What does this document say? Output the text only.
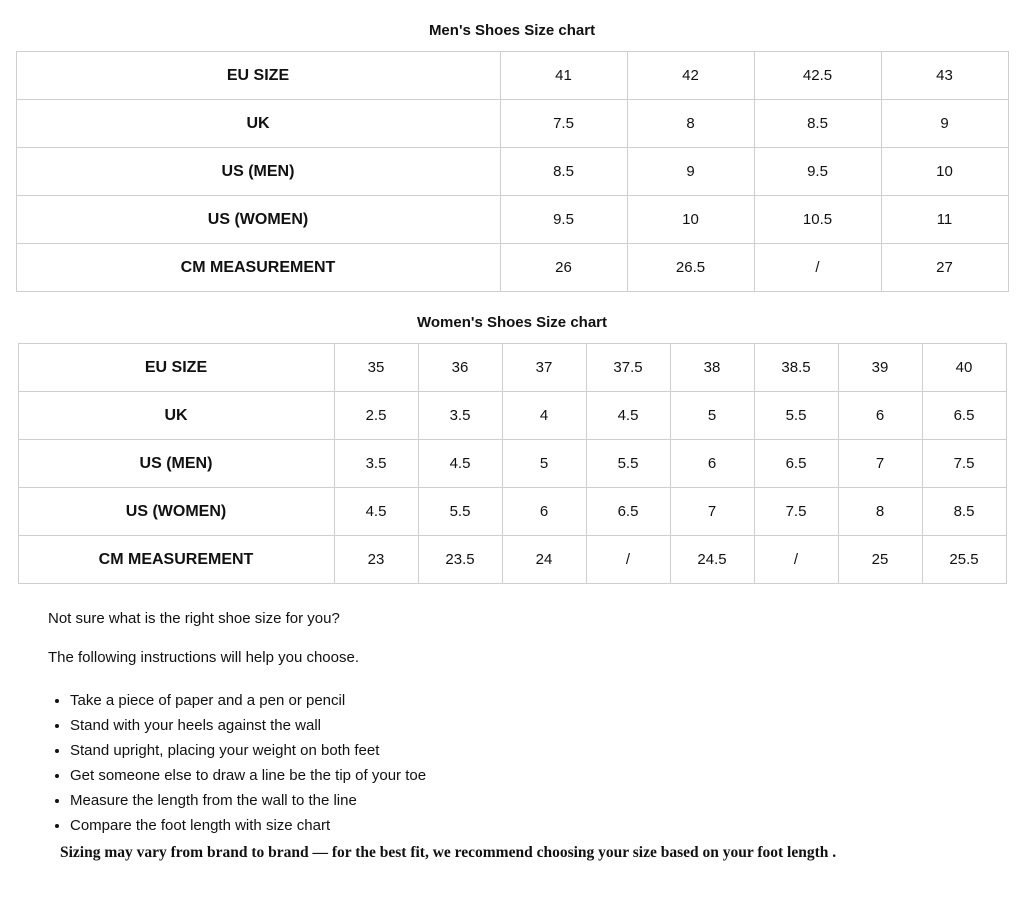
Men's Shoes Size chart
EU SIZE	41	42	42.5	43
UK	7.5	8	8.5	9
US (MEN)	8.5	9	9.5	10
US (WOMEN)	9.5	10	10.5	11
CM MEASUREMENT	26	26.5	/	27
Women's Shoes Size chart
EU SIZE	35	36	37	37.5	38	38.5	39	40
UK	2.5	3.5	4	4.5	5	5.5	6	6.5
US (MEN)	3.5	4.5	5	5.5	6	6.5	7	7.5
US (WOMEN)	4.5	5.5	6	6.5	7	7.5	8	8.5
CM MEASUREMENT	23	23.5	24	/	24.5	/	25	25.5

Not sure what is the right shoe size for you?

The following instructions will help you choose.

• Take a piece of paper and a pen or pencil
• Stand with your heels against the wall
• Stand upright, placing your weight on both feet
• Get someone else to draw a line be the tip of your toe
• Measure the length from the wall to the line
• Compare the foot length with size chart
Sizing may vary from brand to brand — for the best fit, we recommend choosing your size based on your foot length .
